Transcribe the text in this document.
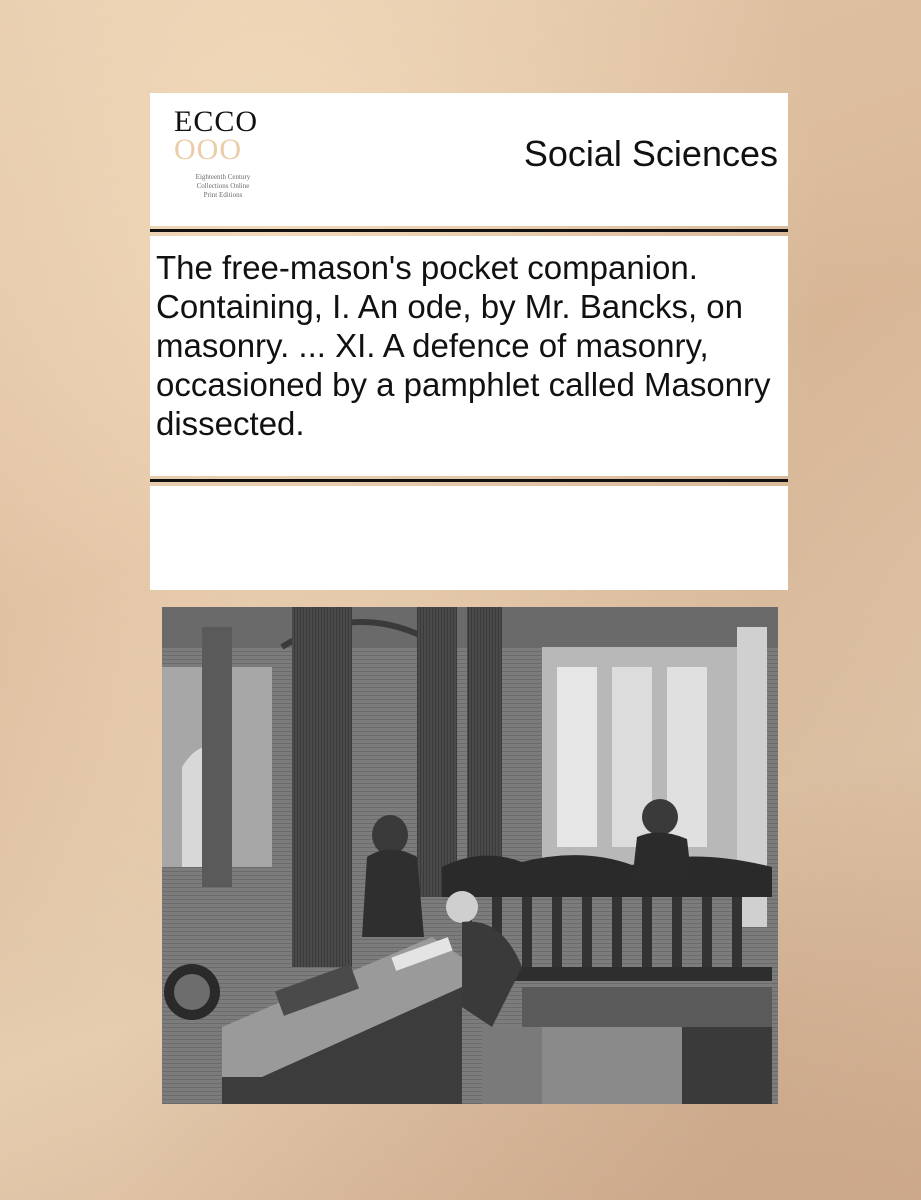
ECCO
OOO
Eighteenth Century
Collections Online
Print Editions
Social Sciences
The free-mason's pocket companion. Containing, I. An ode, by Mr. Bancks, on masonry. ... XI. A defence of masonry, occasioned by a pamphlet called Masonry dissected.
